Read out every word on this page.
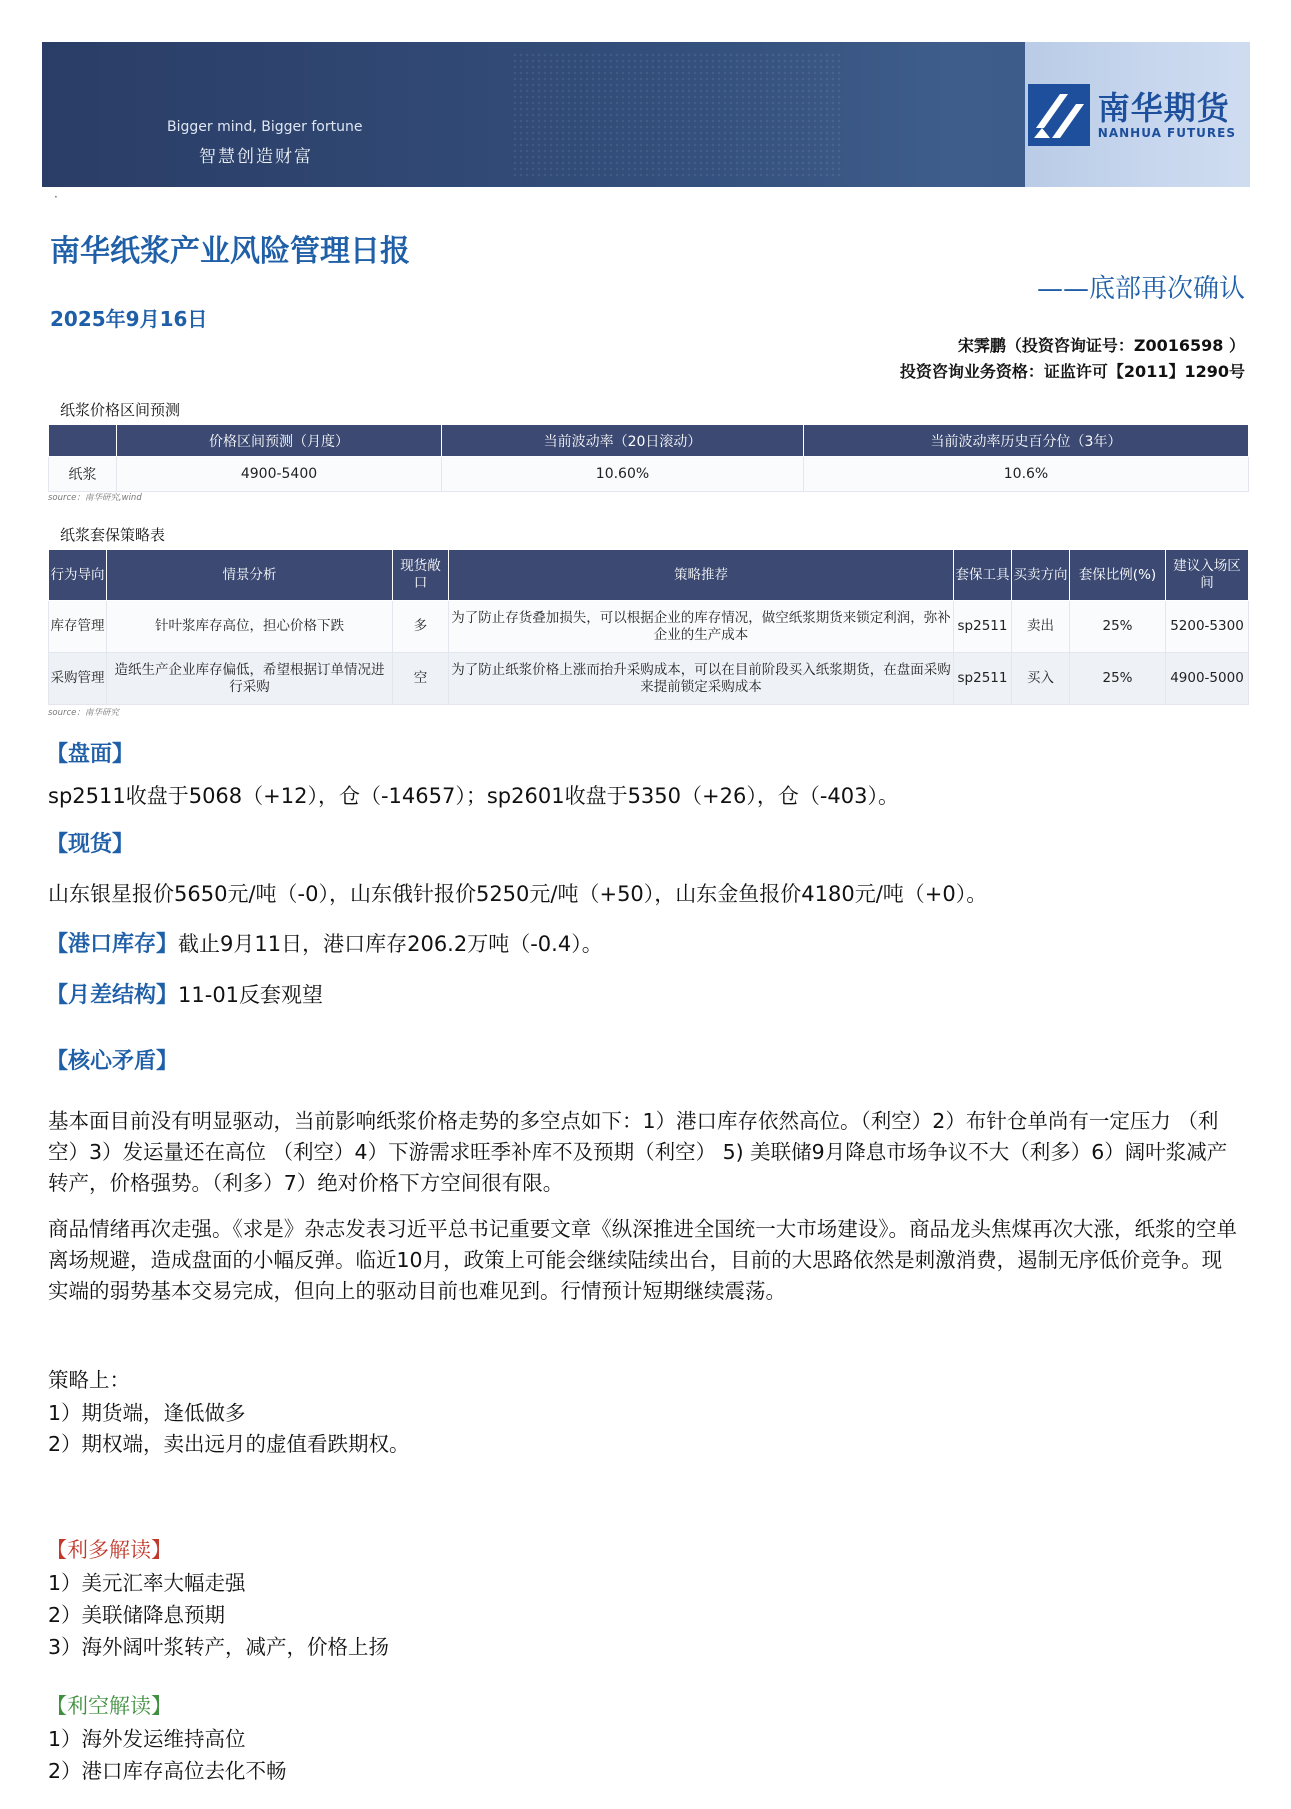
Bigger mind, Bigger fortune
智慧创造财富
南华期货
NANHUA FUTURES
·
南华纸浆产业风险管理日报
——底部再次确认
2025年9月16日
宋霁鹏（投资咨询证号：Z0016598 ）
投资咨询业务资格：证监许可【2011】1290号
纸浆价格区间预测
	价格区间预测（月度）	当前波动率（20日滚动）	当前波动率历史百分位（3年）
纸浆	4900-5400	10.60%	10.6%
source：南华研究,wind
纸浆套保策略表
行为导向	情景分析	现货敞口	策略推荐	套保工具	买卖方向	套保比例(%)	建议入场区间
库存管理	针叶浆库存高位，担心价格下跌	多	为了防止存货叠加损失，可以根据企业的库存情况，做空纸浆期货来锁定利润，弥补企业的生产成本	sp2511	卖出	25%	5200-5300
采购管理	造纸生产企业库存偏低，希望根据订单情况进行采购	空	为了防止纸浆价格上涨而抬升采购成本，可以在目前阶段买入纸浆期货，在盘面采购来提前锁定采购成本	sp2511	买入	25%	4900-5000
source：南华研究
【盘面】
sp2511收盘于5068（+12），仓（-14657）；sp2601收盘于5350（+26），仓（-403）。
【现货】
山东银星报价5650元/吨（-0），山东俄针报价5250元/吨（+50），山东金鱼报价4180元/吨（+0）。
【港口库存】截止9月11日，港口库存206.2万吨（-0.4）。
【月差结构】11-01反套观望
【核心矛盾】
基本面目前没有明显驱动，当前影响纸浆价格走势的多空点如下：1）港口库存依然高位。（利空）2）布针仓单尚有一定压力 （利空）3）发运量还在高位 （利空）4）下游需求旺季补库不及预期（利空） 5) 美联储9月降息市场争议不大（利多）6）阔叶浆减产转产，价格强势。（利多）7）绝对价格下方空间很有限。
商品情绪再次走强。《求是》杂志发表习近平总书记重要文章《纵深推进全国统一大市场建设》。商品龙头焦煤再次大涨，纸浆的空单离场规避，造成盘面的小幅反弹。临近10月，政策上可能会继续陆续出台，目前的大思路依然是刺激消费，遏制无序低价竞争。现实端的弱势基本交易完成，但向上的驱动目前也难见到。行情预计短期继续震荡。
策略上：
1）期货端，逢低做多
2）期权端，卖出远月的虚值看跌期权。
【利多解读】
1）美元汇率大幅走强
2）美联储降息预期
3）海外阔叶浆转产，减产，价格上扬
【利空解读】
1）海外发运维持高位
2）港口库存高位去化不畅
